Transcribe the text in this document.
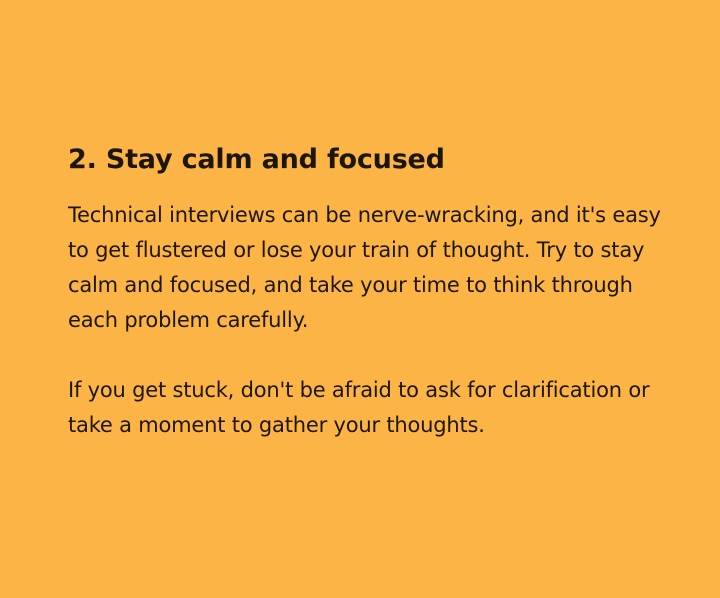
2. Stay calm and focused

Technical interviews can be nerve-wracking, and it's easy to get flustered or lose your train of thought. Try to stay calm and focused, and take your time to think through each problem carefully.

If you get stuck, don't be afraid to ask for clarification or take a moment to gather your thoughts.
